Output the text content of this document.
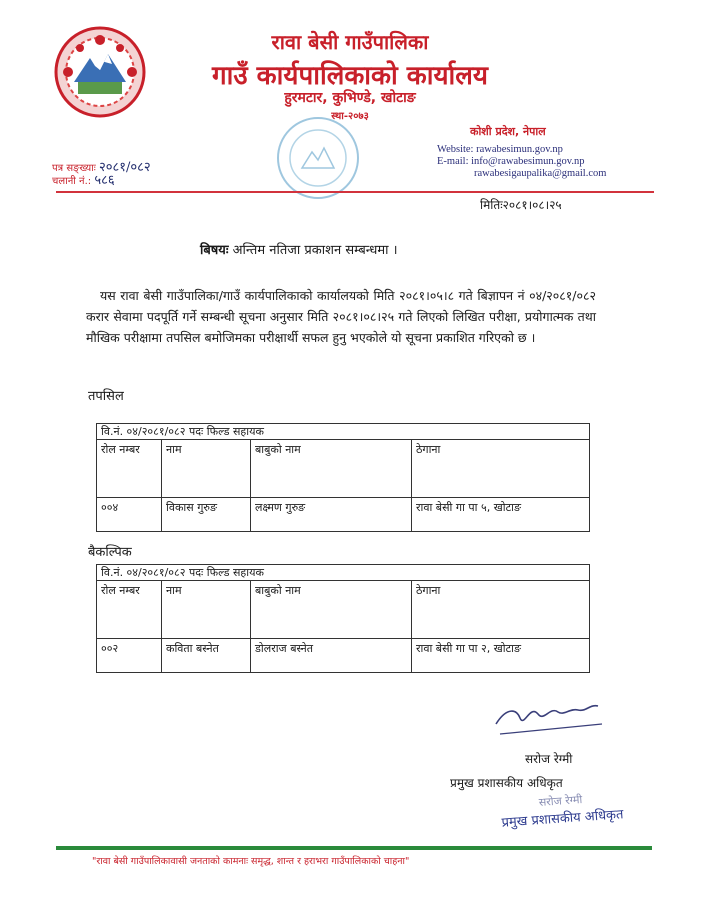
रावा बेसी गाउँपालिका
गाउँ कार्यपालिकाको कार्यालय
हुरमटार, कुभिण्डे, खोटाङ
स्था-२०७३
कोशी प्रदेश, नेपाल
Website: rawabesimun.gov.np
E-mail: info@rawabesimun.gov.np
rawabesigaupalika@gmail.com
पत्र सङ्ख्याः २०८१/०८२
चलानी नं.: ५८६
मितिः२०८१।०८।२५
बिषयः अन्तिम नतिजा प्रकाशन सम्बन्धमा ।
यस रावा बेसी गाउँपालिका/गाउँ कार्यपालिकाको कार्यालयको मिति २०८१।०५।८ गते बिज्ञापन नं ०४/२०८१/०८२ करार सेवामा पदपूर्ति गर्ने सम्बन्धी सूचना अनुसार मिति २०८१।०८।२५ गते लिएको लिखित परीक्षा, प्रयोगात्मक तथा मौखिक परीक्षामा तपसिल बमोजिमका परीक्षार्थी सफल हुनु भएकोले यो सूचना प्रकाशित गरिएको छ ।
तपसिल
वि.नं. ०४/२०८१/०८२ पदः फिल्ड सहायक			
रोल नम्बर	नाम	बाबुको नाम	ठेगाना
००४	विकास गुरुङ	लक्ष्मण गुरुङ	रावा बेसी गा पा ५, खोटाङ
बैकल्पिक
वि.नं. ०४/२०८१/०८२ पदः फिल्ड सहायक			
रोल नम्बर	नाम	बाबुको नाम	ठेगाना
००२	कविता बस्नेत	डोलराज बस्नेत	रावा बेसी गा पा २, खोटाङ
सरोज रेग्मी
प्रमुख प्रशासकीय अधिकृत
सरोज रेग्मी
प्रमुख प्रशासकीय अधिकृत
"रावा बेसी गाउँपालिकावासी जनताको कामनाः समृद्ध, शान्त र हराभरा गाउँपालिकाको चाहना"
